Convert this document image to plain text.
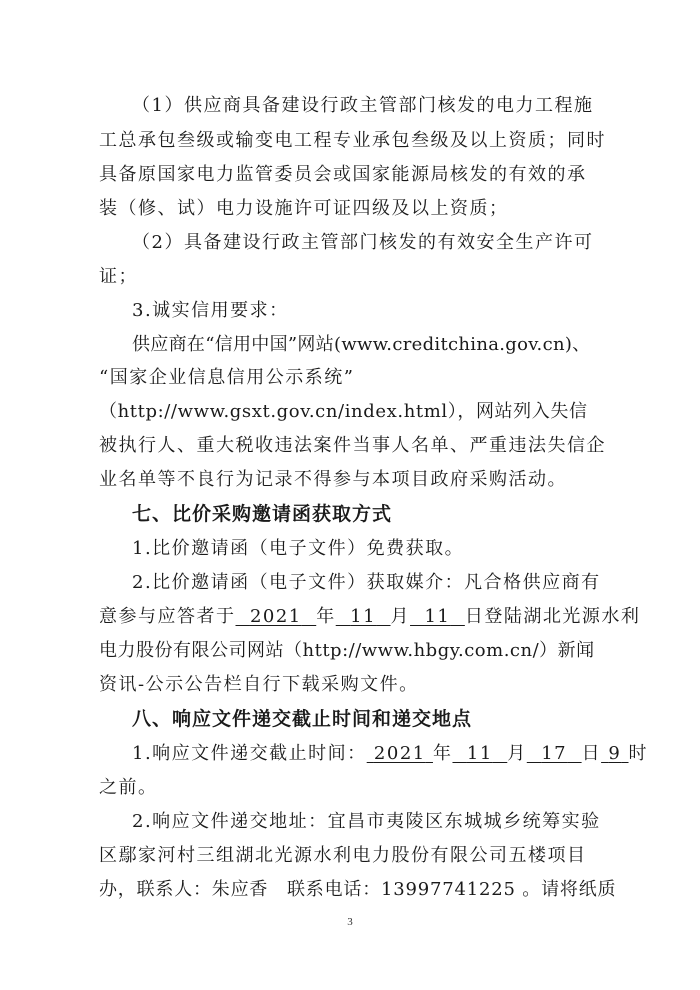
（1）供应商具备建设行政主管部门核发的电力工程施
工总承包叁级或输变电工程专业承包叁级及以上资质；同时
具备原国家电力监管委员会或国家能源局核发的有效的承
装（修、试）电力设施许可证四级及以上资质；
（2）具备建设行政主管部门核发的有效安全生产许可
证；
3.诚实信用要求：
供应商在“信用中国”网站(www.creditchina.gov.cn)、
“国家企业信息信用公示系统”
（http://www.gsxt.gov.cn/index.html），网站列入失信
被执行人、重大税收违法案件当事人名单、严重违法失信企
业名单等不良行为记录不得参与本项目政府采购活动。
七、比价采购邀请函获取方式
1.比价邀请函（电子文件）免费获取。
2.比价邀请函（电子文件）获取媒介：凡合格供应商有
意参与应答者于 2021 年 11 月 11 日登陆湖北光源水利
电力股份有限公司网站（http://www.hbgy.com.cn/）新闻
资讯-公示公告栏自行下载采购文件。
八、响应文件递交截止时间和递交地点
1.响应文件递交截止时间： 2021 年 11 月 17 日 9 时
之前。
2.响应文件递交地址：宜昌市夷陵区东城城乡统筹实验
区鄢家河村三组湖北光源水利电力股份有限公司五楼项目
办，联系人：朱应香　联系电话：13997741225 。请将纸质
3
